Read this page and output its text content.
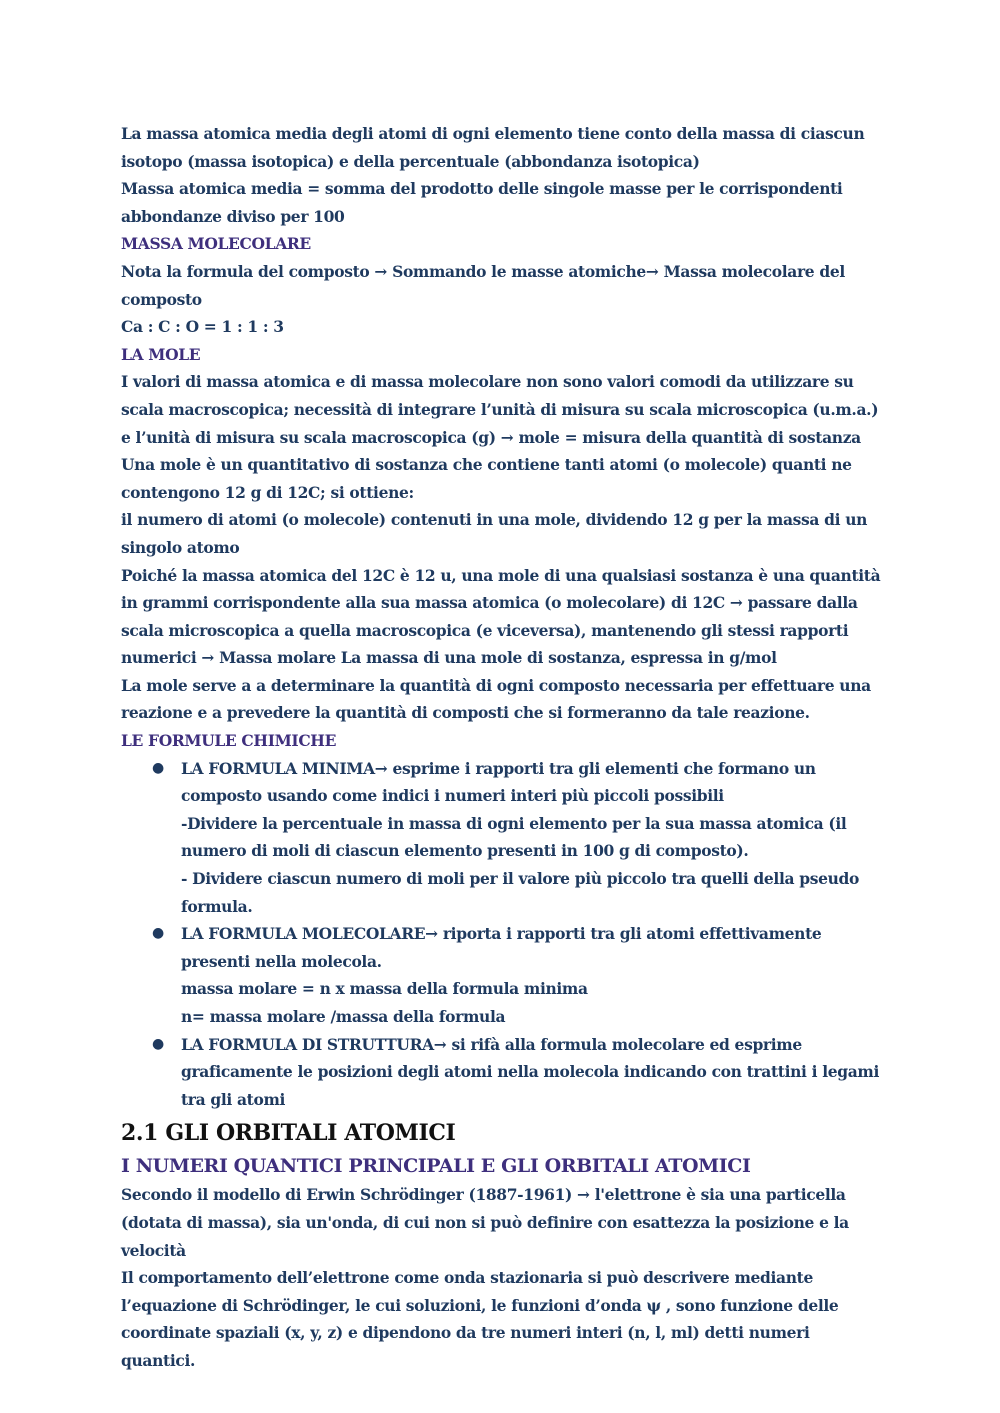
La massa atomica media degli atomi di ogni elemento tiene conto della massa di ciascun isotopo (massa isotopica) e della percentuale (abbondanza isotopica)

Massa atomica media = somma del prodotto delle singole masse per le corrispondenti abbondanze diviso per 100

MASSA MOLECOLARE

Nota la formula del composto → Sommando le masse atomiche→ Massa molecolare del composto

Ca : C : O = 1 : 1 : 3

LA MOLE

I valori di massa atomica e di massa molecolare non sono valori comodi da utilizzare su scala macroscopica; necessità di integrare l’unità di misura su scala microscopica (u.m.a.) e l’unità di misura su scala macroscopica (g) → mole = misura della quantità di sostanza

Una mole è un quantitativo di sostanza che contiene tanti atomi (o molecole) quanti ne contengono 12 g di 12C; si ottiene:

il numero di atomi (o molecole) contenuti in una mole, dividendo 12 g per la massa di un singolo atomo

Poiché la massa atomica del 12C è 12 u, una mole di una qualsiasi sostanza è una quantità in grammi corrispondente alla sua massa atomica (o molecolare) di 12C → passare dalla scala microscopica a quella macroscopica (e viceversa), mantenendo gli stessi rapporti numerici → Massa molare La massa di una mole di sostanza, espressa in g/mol

La mole serve a a determinare la quantità di ogni composto necessaria per effettuare una reazione e a prevedere la quantità di composti che si formeranno da tale reazione.

LE FORMULE CHIMICHE

● LA FORMULA MINIMA→ esprime i rapporti tra gli elementi che formano un composto usando come indici i numeri interi più piccoli possibili
-Dividere la percentuale in massa di ogni elemento per la sua massa atomica (il numero di moli di ciascun elemento presenti in 100 g di composto).
- Dividere ciascun numero di moli per il valore più piccolo tra quelli della pseudo formula.
● LA FORMULA MOLECOLARE→ riporta i rapporti tra gli atomi effettivamente presenti nella molecola.
massa molare = n x massa della formula minima
n= massa molare /massa della formula
● LA FORMULA DI STRUTTURA→ si rifà alla formula molecolare ed esprime graficamente le posizioni degli atomi nella molecola indicando con trattini i legami tra gli atomi
2.1 GLI ORBITALI ATOMICI
I NUMERI QUANTICI PRINCIPALI E GLI ORBITALI ATOMICI

Secondo il modello di Erwin Schrödinger (1887-1961) → l'elettrone è sia una particella (dotata di massa), sia un'onda, di cui non si può definire con esattezza la posizione e la velocità

Il comportamento dell’elettrone come onda stazionaria si può descrivere mediante l’equazione di Schrödinger, le cui soluzioni, le funzioni d’onda ψ , sono funzione delle coordinate spaziali (x, y, z) e dipendono da tre numeri interi (n, l, ml) detti numeri quantici.
